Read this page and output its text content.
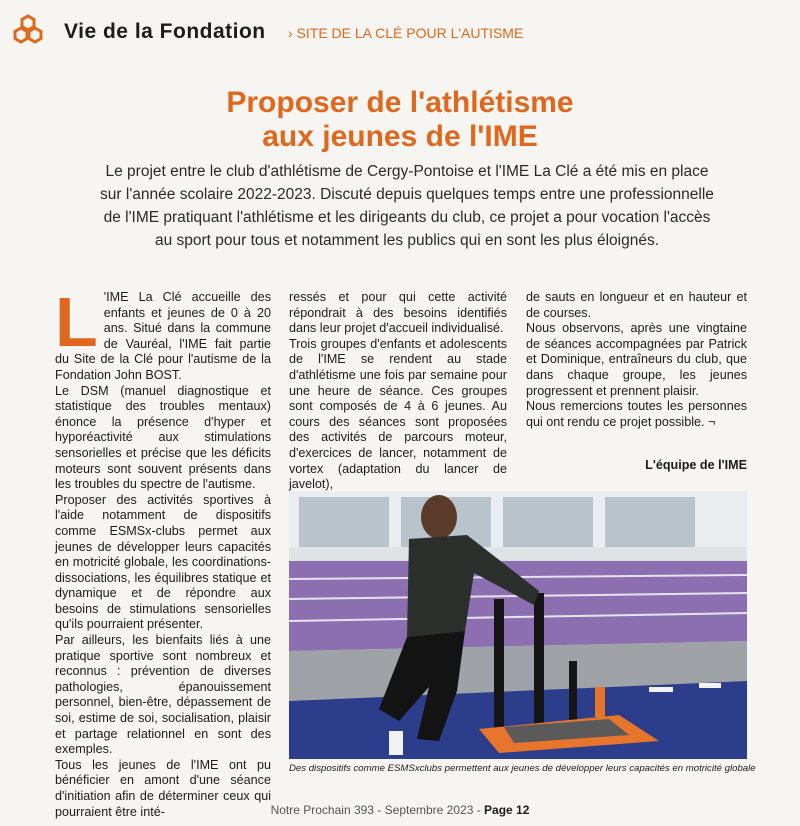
Vie de la Fondation › SITE DE LA CLÉ POUR L'AUTISME
Proposer de l'athlétisme
aux jeunes de l'IME
Le projet entre le club d'athlétisme de Cergy-Pontoise et l'IME La Clé a été mis en place sur l'année scolaire 2022-2023. Discuté depuis quelques temps entre une professionnelle de l'IME pratiquant l'athlétisme et les dirigeants du club, ce projet a pour vocation l'accès au sport pour tous et notamment les publics qui en sont les plus éloignés.
L 'IME La Clé accueille des enfants et jeunes de 0 à 20 ans. Situé dans la commune de Vauréal, l'IME fait partie du Site de la Clé pour l'autisme de la Fondation John BOST.

Le DSM (manuel diagnostique et statistique des troubles mentaux) énonce la présence d'hyper et hyporéactivité aux stimulations sensorielles et précise que les déficits moteurs sont souvent présents dans les troubles du spectre de l'autisme.

Proposer des activités sportives à l'aide notamment de dispositifs comme ESMSx-clubs permet aux jeunes de développer leurs capacités en motricité globale, les coordinations-dissociations, les équilibres statique et dynamique et de répondre aux besoins de stimulations sensorielles qu'ils pourraient présenter.

Par ailleurs, les bienfaits liés à une pratique sportive sont nombreux et reconnus : prévention de diverses pathologies, épanouissement personnel, bien-être, dépassement de soi, estime de soi, socialisation, plaisir et partage relationnel en sont des exemples.

Tous les jeunes de l'IME ont pu bénéficier en amont d'une séance d'initiation afin de déterminer ceux qui pourraient être inté-

ressés et pour qui cette activité répondrait à des besoins identifiés dans leur projet d'accueil individualisé.

Trois groupes d'enfants et adolescents de l'IME se rendent au stade d'athlétisme une fois par semaine pour une heure de séance. Ces groupes sont composés de 4 à 6 jeunes. Au cours des séances sont proposées des activités de parcours moteur, d'exercices de lancer, notamment de vortex (adaptation du lancer de javelot),

de sauts en longueur et en hauteur et de courses.

Nous observons, après une vingtaine de séances accompagnées par Patrick et Dominique, entraîneurs du club, que dans chaque groupe, les jeunes progressent et prennent plaisir.

Nous remercions toutes les personnes qui ont rendu ce projet possible. ¬

L'équipe de l'IME
Des dispositifs comme ESMSxclubs permettent aux jeunes de développer leurs capacités en motricité globale
Notre Prochain 393 - Septembre 2023 - Page 12
